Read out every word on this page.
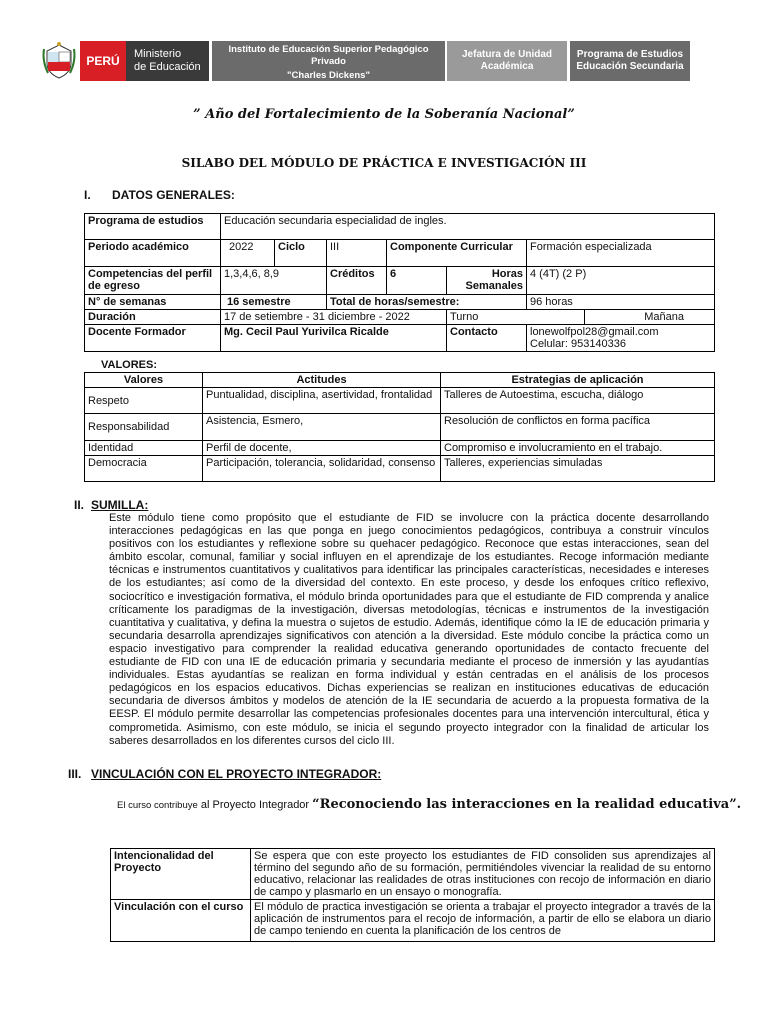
PERÚ Ministerio
de Educación
Instituto de Educación Superior Pedagógico Privado
"Charles Dickens"
Tarma
Jefatura de Unidad
Académica
Programa de Estudios
Educación Secundaria
” Año del Fortalecimiento de la Soberanía Nacional”
SILABO DEL MÓDULO DE PRÁCTICA E INVESTIGACIÓN III
I. DATOS GENERALES:
Programa de estudios	Educación secundaria especialidad de ingles.						
Periodo académico	2022	Ciclo	III	Componente Curricular		Formación especializada	
Competencias del perfil de egreso	1,3,4,6, 8,9		Créditos	6	Horas Semanales	4 (4T) (2 P)	
N° de semanas	16 semestre		Total de horas/semestre:			96 horas	
Duración	17 de setiembre - 31 diciembre - 2022				Turno		Mañana
Docente Formador	Mg. Cecil Paul Yurivilca Ricalde				Contacto	lonewolfpol28@gmail.com
Celular: 953140336	
VALORES:
Valores	Actitudes	Estrategias de aplicación
Respeto	Puntualidad, disciplina, asertividad, frontalidad	Talleres de Autoestima, escucha, diálogo
Responsabilidad	Asistencia, Esmero,	Resolución de conflictos en forma pacífica
Identidad	Perfil de docente,	Compromiso e involucramiento en el trabajo.
Democracia	Participación, tolerancia, solidaridad, consenso	Talleres, experiencias simuladas
II. SUMILLA:
Este módulo tiene como propósito que el estudiante de FID se involucre con la práctica docente desarrollando interacciones pedagógicas en las que ponga en juego conocimientos pedagógicos, contribuya a construir vínculos positivos con los estudiantes y reflexione sobre su quehacer pedagógico. Reconoce que estas interacciones, sean del ámbito escolar, comunal, familiar y social influyen en el aprendizaje de los estudiantes. Recoge información mediante técnicas e instrumentos cuantitativos y cualitativos para identificar las principales características, necesidades e intereses de los estudiantes; así como de la diversidad del contexto. En este proceso, y desde los enfoques crítico reflexivo, sociocrítico e investigación formativa, el módulo brinda oportunidades para que el estudiante de FID comprenda y analice críticamente los paradigmas de la investigación, diversas metodologías, técnicas e instrumentos de la investigación cuantitativa y cualitativa, y defina la muestra o sujetos de estudio. Además, identifique cómo la IE de educación primaria y secundaria desarrolla aprendizajes significativos con atención a la diversidad. Este módulo concibe la práctica como un espacio investigativo para comprender la realidad educativa generando oportunidades de contacto frecuente del estudiante de FID con una IE de educación primaria y secundaria mediante el proceso de inmersión y las ayudantías individuales. Estas ayudantías se realizan en forma individual y están centradas en el análisis de los procesos pedagógicos en los espacios educativos. Dichas experiencias se realizan en instituciones educativas de educación secundaria de diversos ámbitos y modelos de atención de la IE secundaria de acuerdo a la propuesta formativa de la EESP. El módulo permite desarrollar las competencias profesionales docentes para una intervención intercultural, ética y comprometida. Asimismo, con este módulo, se inicia el segundo proyecto integrador con la finalidad de articular los saberes desarrollados en los diferentes cursos del ciclo III.
III. VINCULACIÓN CON EL PROYECTO INTEGRADOR:
El curso contribuye al Proyecto Integrador “Reconociendo las interacciones en la realidad educativa”.
Intencionalidad del Proyecto	Se espera que con este proyecto los estudiantes de FID consoliden sus aprendizajes al término del segundo año de su formación, permitiéndoles vivenciar la realidad de su entorno educativo, relacionar las realidades de otras instituciones con recojo de información en diario de campo y plasmarlo en un ensayo o monografía.
Vinculación con el curso	El módulo de practica investigación se orienta a trabajar el proyecto integrador a través de la aplicación de instrumentos para el recojo de información, a partir de ello se elabora un diario de campo teniendo en cuenta la planificación de los centros de
